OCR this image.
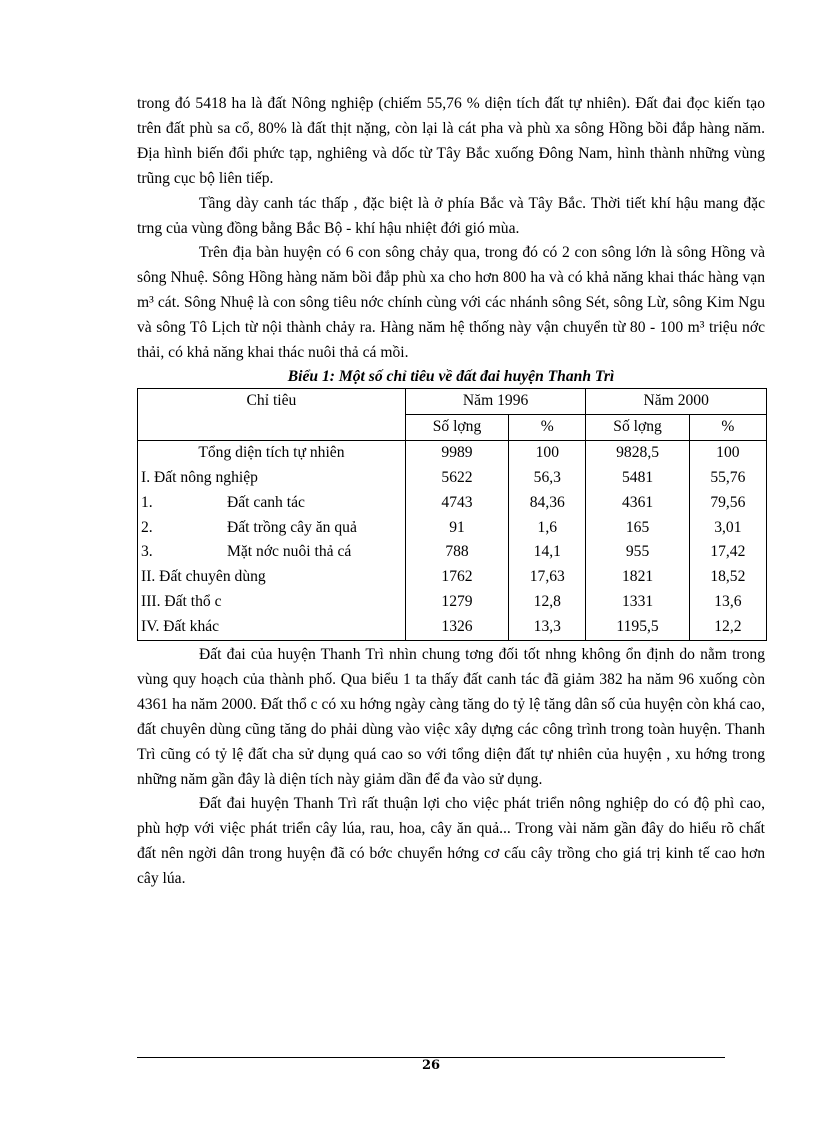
trong đó 5418 ha là đất Nông nghiệp (chiếm 55,76 % diện tích đất tự nhiên). Đất đai đọc kiến tạo trên đất phù sa cổ, 80% là đất thịt nặng, còn lại là cát pha và phù xa sông Hồng bồi đắp hàng năm. Địa hình biến đổi phức tạp, nghiêng và dốc từ Tây Bắc xuống Đông Nam, hình thành những vùng trũng cục bộ liên tiếp.

Tầng dày canh tác thấp , đặc biệt là ở phía Bắc và Tây Bắc. Thời tiết khí hậu mang đặc trng của vùng đồng bằng Bắc Bộ - khí hậu nhiệt đới gió mùa.

Trên địa bàn huyện có 6 con sông chảy qua, trong đó có 2 con sông lớn là sông Hồng và sông Nhuệ. Sông Hồng hàng năm bồi đắp phù xa cho hơn 800 ha và có khả năng khai thác hàng vạn m³ cát. Sông Nhuệ là con sông tiêu nớc chính cùng với các nhánh sông Sét, sông Lừ, sông Kim Ngu và sông Tô Lịch từ nội thành chảy ra. Hàng năm hệ thống này vận chuyển từ 80 - 100 m³ triệu nớc thải, có khả năng khai thác nuôi thả cá mồi.

Biểu 1: Một số chỉ tiêu về đất đai huyện Thanh Trì

Chỉ tiêu	Năm 1996		Năm 2000	
	Số lợng	%	Số lợng	%
Tổng diện tích tự nhiên	9989	100	9828,5	100
I. Đất nông nghiệp	5622	56,3	5481	55,76
1. Đất canh tác	4743	84,36	4361	79,56
2. Đất trồng cây ăn quả	91	1,6	165	3,01
3. Mặt nớc nuôi thả cá	788	14,1	955	17,42
II. Đất chuyên dùng	1762	17,63	1821	18,52
III. Đất thổ c	1279	12,8	1331	13,6
IV. Đất khác	1326	13,3	1195,5	12,2

Đất đai của huyện Thanh Trì nhìn chung tơng đối tốt nhng không ổn định do nằm trong vùng quy hoạch của thành phố. Qua biểu 1 ta thấy đất canh tác đã giảm 382 ha năm 96 xuống còn 4361 ha năm 2000. Đất thổ c có xu hớng ngày càng tăng do tỷ lệ tăng dân số của huyện còn khá cao, đất chuyên dùng cũng tăng do phải dùng vào việc xây dựng các công trình trong toàn huyện. Thanh Trì cũng có tỷ lệ đất cha sử dụng quá cao so với tổng diện đất tự nhiên của huyện , xu hớng trong những năm gần đây là diện tích này giảm dần để đa vào sử dụng.

Đất đai huyện Thanh Trì rất thuận lợi cho việc phát triển nông nghiệp do có độ phì cao, phù hợp với việc phát triển cây lúa, rau, hoa, cây ăn quả... Trong vài năm gần đây do hiểu rõ chất đất nên ngời dân trong huyện đã có bớc chuyển hớng cơ cấu cây trồng cho giá trị kinh tế cao hơn cây lúa.

26
